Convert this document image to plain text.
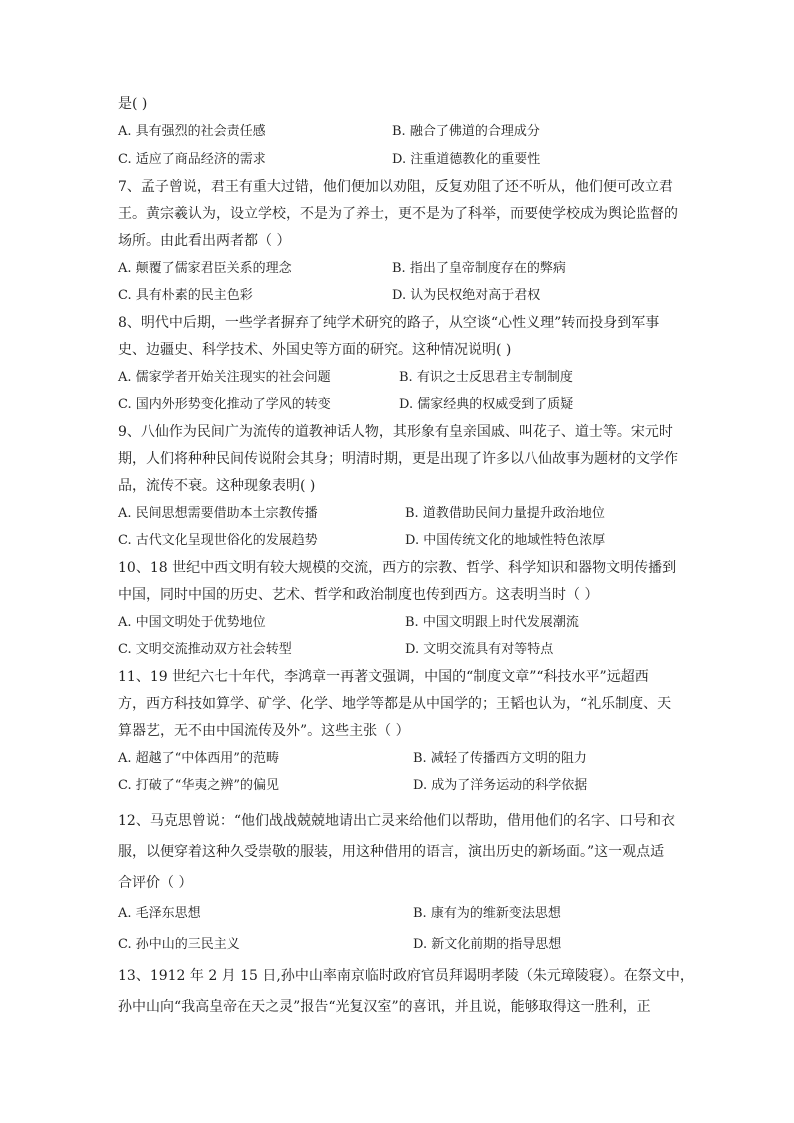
是( )
A. 具有强烈的社会责任感	B. 融合了佛道的合理成分
C. 适应了商品经济的需求	D. 注重道德教化的重要性
7、孟子曾说，君王有重大过错，他们便加以劝阻，反复劝阻了还不听从，他们便可改立君
王。黄宗羲认为，设立学校，不是为了养士，更不是为了科举，而要使学校成为舆论监督的
场所。由此看出两者都（ ）
A. 颠覆了儒家君臣关系的理念	B. 指出了皇帝制度存在的弊病
C. 具有朴素的民主色彩	D. 认为民权绝对高于君权
8、明代中后期，一些学者摒弃了纯学术研究的路子，从空谈“心性义理”转而投身到军事
史、边疆史、科学技术、外国史等方面的研究。这种情况说明( )
A. 儒家学者开始关注现实的社会问题	B. 有识之士反思君主专制制度
C. 国内外形势变化推动了学风的转变	D. 儒家经典的权威受到了质疑
9、八仙作为民间广为流传的道教神话人物，其形象有皇亲国戚、叫花子、道士等。宋元时
期，人们将种种民间传说附会其身；明清时期，更是出现了许多以八仙故事为题材的文学作
品，流传不衰。这种现象表明( )
A. 民间思想需要借助本土宗教传播	B. 道教借助民间力量提升政治地位
C. 古代文化呈现世俗化的发展趋势	D. 中国传统文化的地域性特色浓厚
10、18 世纪中西文明有较大规模的交流，西方的宗教、哲学、科学知识和器物文明传播到
中国，同时中国的历史、艺术、哲学和政治制度也传到西方。这表明当时（ ）
A. 中国文明处于优势地位	B. 中国文明跟上时代发展潮流
C. 文明交流推动双方社会转型	D. 文明交流具有对等特点
11、19 世纪六七十年代，李鸿章一再著文强调，中国的“制度文章”“科技水平”远超西
方，西方科技如算学、矿学、化学、地学等都是从中国学的；王韬也认为，“礼乐制度、天
算器艺，无不由中国流传及外”。这些主张（ ）
A. 超越了“中体西用”的范畴	B. 减轻了传播西方文明的阻力
C. 打破了“华夷之辨”的偏见	D. 成为了洋务运动的科学依据
12、马克思曾说：“他们战战兢兢地请出亡灵来给他们以帮助，借用他们的名字、口号和衣
服，以便穿着这种久受崇敬的服装，用这种借用的语言，演出历史的新场面。”这一观点适
合评价（ ）
A. 毛泽东思想	B. 康有为的维新变法思想
C. 孙中山的三民主义	D. 新文化前期的指导思想
13、1912 年 2 月 15 日,孙中山率南京临时政府官员拜谒明孝陵（朱元璋陵寝）。在祭文中，
孙中山向“我高皇帝在天之灵”报告“光复汉室”的喜讯，并且说，能够取得这一胜利，正
